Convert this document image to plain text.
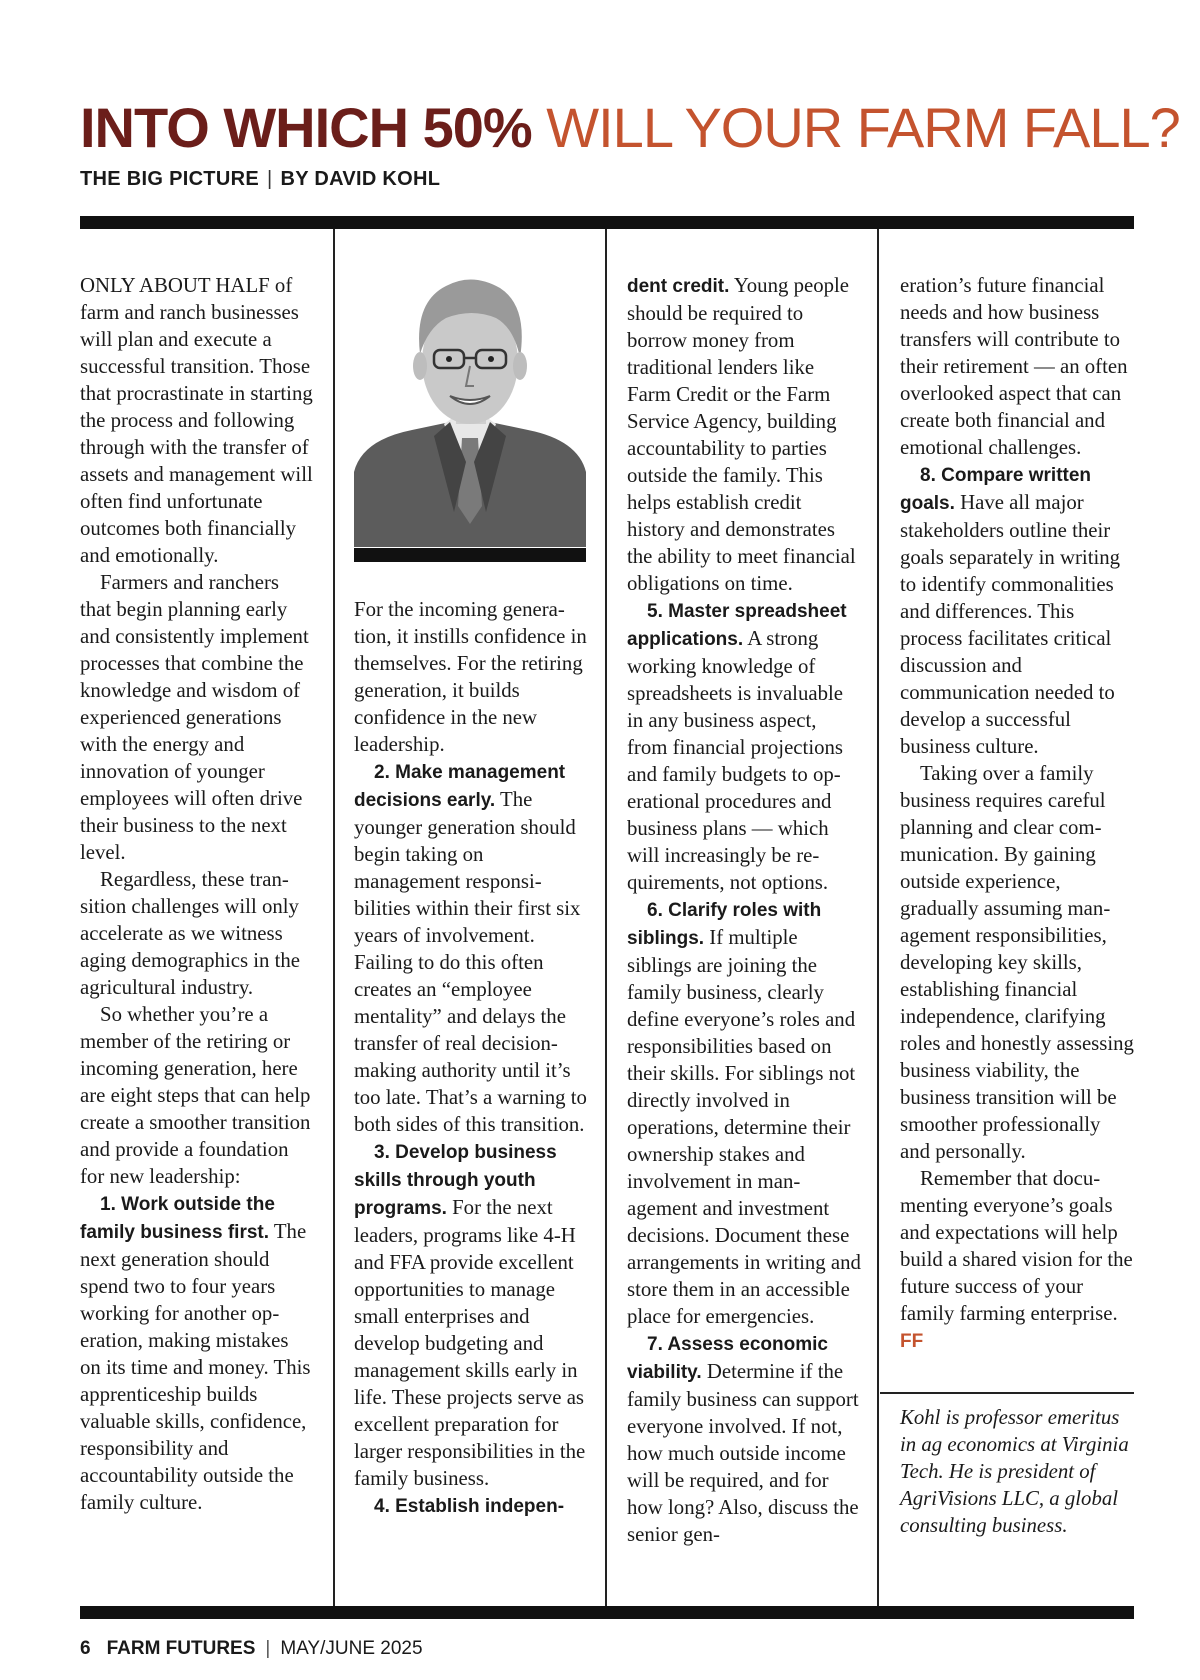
INTO WHICH 50% WILL YOUR FARM FALL?
THE BIG PICTURE | BY DAVID KOHL

ONLY ABOUT HALF of farm and ranch businesses will plan and execute a successful transition. Those that procrastinate in starting the process and following through with the transfer of assets and management will often find unfortunate outcomes both financially and emotionally.

Farmers and ranchers that begin planning early and consistently implement processes that combine the knowledge and wisdom of experienced generations with the energy and innovation of younger employees will often drive their business to the next level.

Regardless, these transition challenges will only accelerate as we witness aging demographics in the agricultural industry.

So whether you’re a member of the retiring or incoming generation, here are eight steps that can help create a smoother transition and provide a foundation for new leadership:

1. Work outside the family business first. The next generation should spend two to four years working for another operation, making mistakes on its time and money. This apprenticeship builds valuable skills, confidence, responsibility and accountability outside the family culture.

For the incoming generation, it instills confidence in themselves. For the retiring generation, it builds confidence in the new leadership.

2. Make management decisions early. The younger generation should begin taking on management responsibilities within their first six years of involvement. Failing to do this often creates an “employee mentality” and delays the transfer of real decision-making authority until it’s too late. That’s a warning to both sides of this transition.

3. Develop business skills through youth programs. For the next leaders, programs like 4-H and FFA provide excellent opportunities to manage small enterprises and develop budgeting and management skills early in life. These projects serve as excellent preparation for larger responsibilities in the family business.

4. Establish indepen-

dent credit. Young people should be required to borrow money from traditional lenders like Farm Credit or the Farm Service Agency, building accountability to parties outside the family. This helps establish credit history and demonstrates the ability to meet financial obligations on time.

5. Master spreadsheet applications. A strong working knowledge of spreadsheets is invaluable in any business aspect, from financial projections and family budgets to operational procedures and business plans — which will increasingly be requirements, not options.

6. Clarify roles with siblings. If multiple siblings are joining the family business, clearly define everyone’s roles and responsibilities based on their skills. For siblings not directly involved in operations, determine their ownership stakes and involvement in management and investment decisions. Document these arrangements in writing and store them in an accessible place for emergencies.

7. Assess economic viability. Determine if the family business can support everyone involved. If not, how much outside income will be required, and for how long? Also, discuss the senior gen-

eration’s future financial needs and how business transfers will contribute to their retirement — an often overlooked aspect that can create both financial and emotional challenges.

8. Compare written goals. Have all major stakeholders outline their goals separately in writing to identify commonalities and differences. This process facilitates critical discussion and communication needed to develop a successful business culture.

Taking over a family business requires careful planning and clear communication. By gaining outside experience, gradually assuming management responsibilities, developing key skills, establishing financial independence, clarifying roles and honestly assessing business viability, the business transition will be smoother professionally and personally.

Remember that documenting everyone’s goals and expectations will help build a shared vision for the future success of your family farming enterprise. FF

Kohl is professor emeritus in ag economics at Virginia Tech. He is president of AgriVisions LLC, a global consulting business.

6 FARM FUTURES | MAY/JUNE 2025
